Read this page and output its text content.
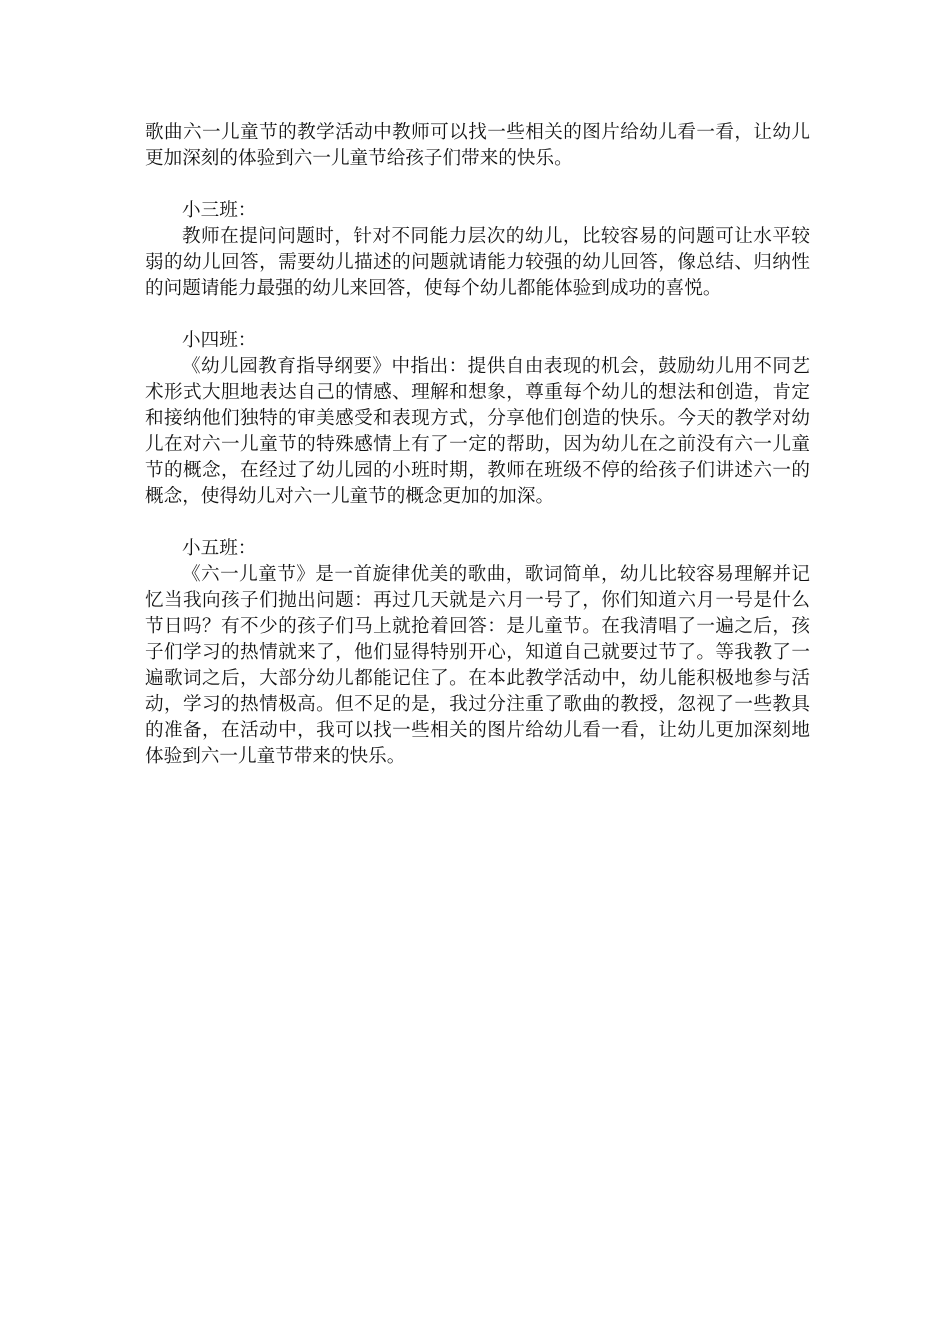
歌曲六一儿童节的教学活动中教师可以找一些相关的图片给幼儿看一看，让幼儿更加深刻的体验到六一儿童节给孩子们带来的快乐。

小三班：

教师在提问问题时，针对不同能力层次的幼儿，比较容易的问题可让水平较弱的幼儿回答，需要幼儿描述的问题就请能力较强的幼儿回答，像总结、归纳性的问题请能力最强的幼儿来回答，使每个幼儿都能体验到成功的喜悦。

小四班：

《幼儿园教育指导纲要》中指出：提供自由表现的机会，鼓励幼儿用不同艺术形式大胆地表达自己的情感、理解和想象，尊重每个幼儿的想法和创造，肯定和接纳他们独特的审美感受和表现方式，分享他们创造的快乐。今天的教学对幼儿在对六一儿童节的特殊感情上有了一定的帮助，因为幼儿在之前没有六一儿童节的概念，在经过了幼儿园的小班时期，教师在班级不停的给孩子们讲述六一的概念，使得幼儿对六一儿童节的概念更加的加深。

小五班：

《六一儿童节》是一首旋律优美的歌曲，歌词简单，幼儿比较容易理解并记忆当我向孩子们抛出问题：再过几天就是六月一号了，你们知道六月一号是什么节日吗？有不少的孩子们马上就抢着回答：是儿童节。在我清唱了一遍之后，孩子们学习的热情就来了，他们显得特别开心，知道自己就要过节了。等我教了一遍歌词之后，大部分幼儿都能记住了。在本此教学活动中，幼儿能积极地参与活动，学习的热情极高。但不足的是，我过分注重了歌曲的教授，忽视了一些教具的准备，在活动中，我可以找一些相关的图片给幼儿看一看，让幼儿更加深刻地体验到六一儿童节带来的快乐。
